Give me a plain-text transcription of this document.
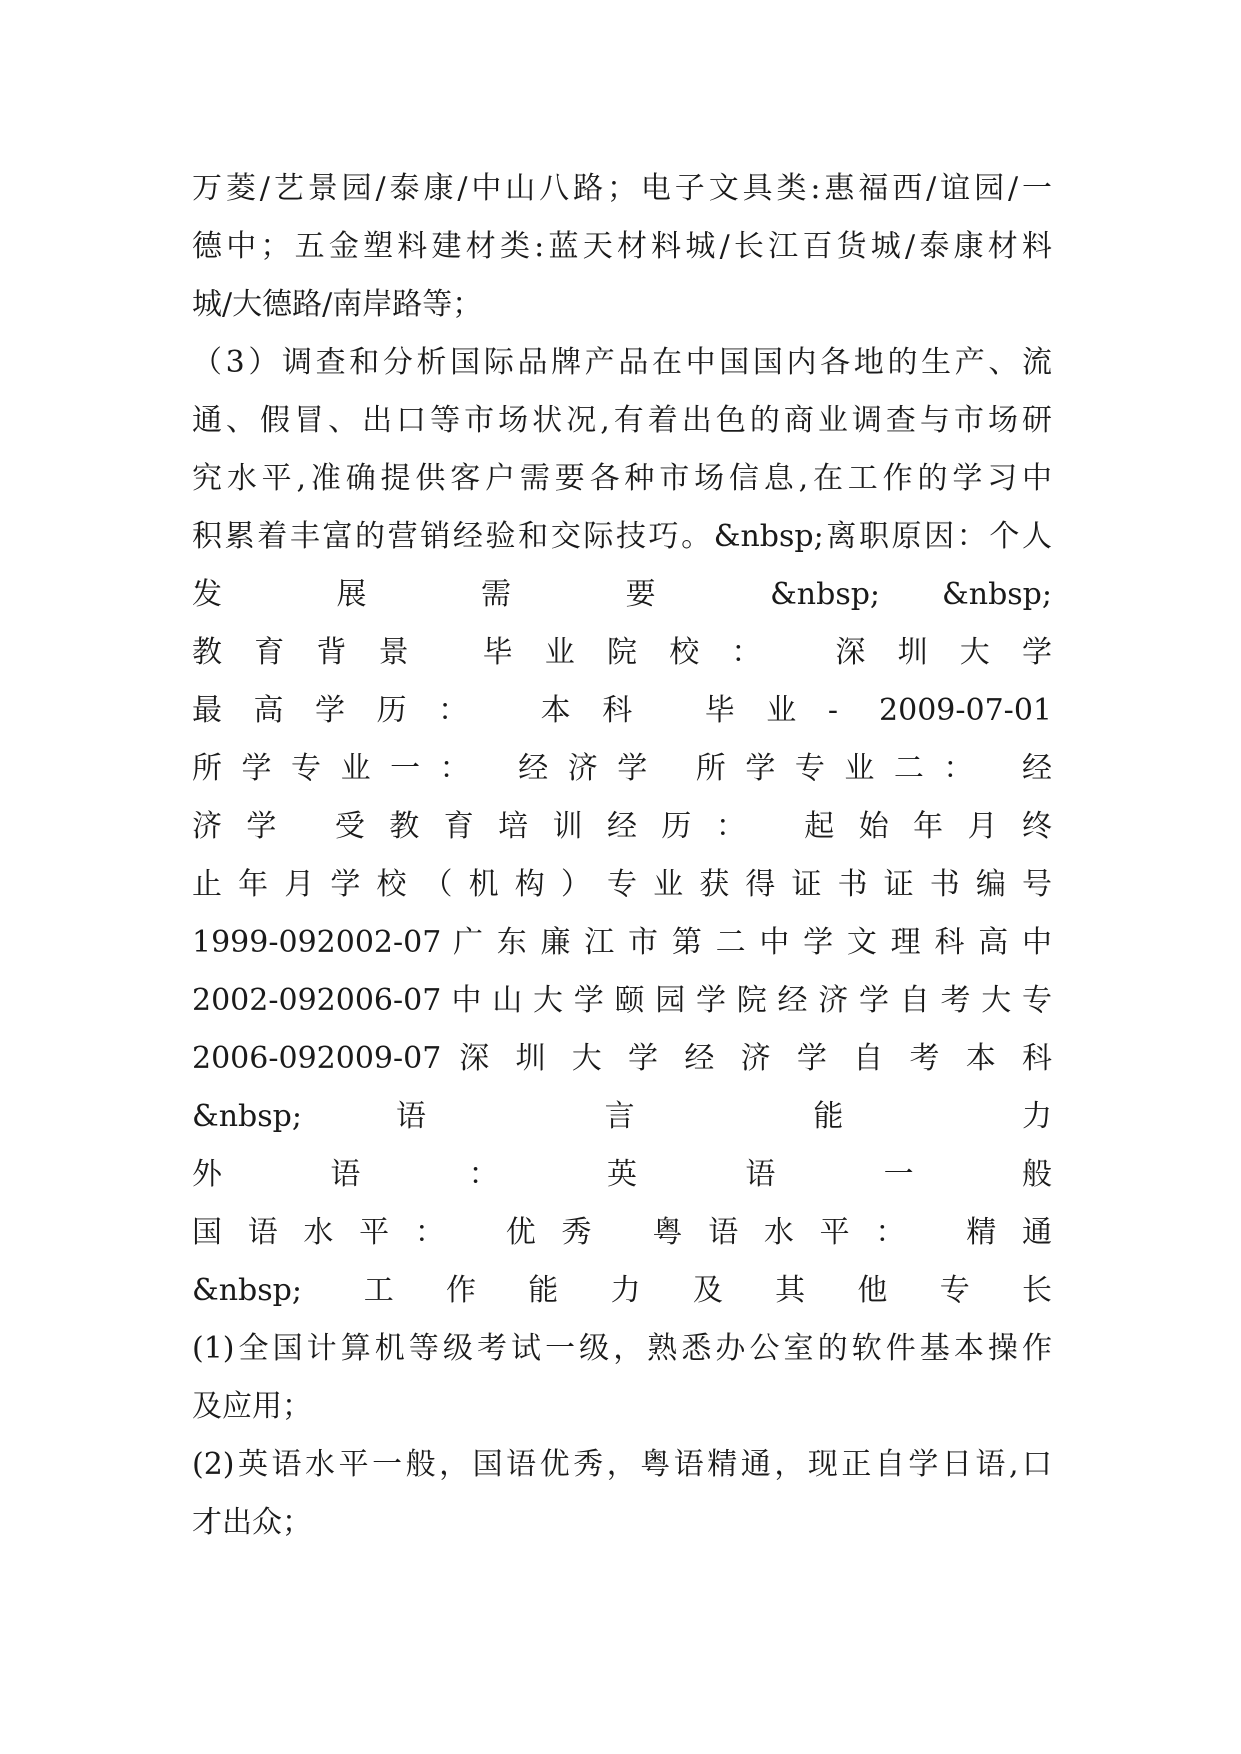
万菱/艺景园/泰康/中山八路；电子文具类:惠福西/谊园/一
德中；五金塑料建材类:蓝天材料城/长江百货城/泰康材料
城/大德路/南岸路等；
（3）调查和分析国际品牌产品在中国国内各地的生产、流
通、假冒、出口等市场状况,有着出色的商业调查与市场研
究水平,准确提供客户需要各种市场信息,在工作的学习中
积累着丰富的营销经验和交际技巧。&nbsp;离职原因：个人
发 展 需 要 &nbsp; &nbsp;
教育背景 毕业院校： 深圳大学
最高学历： 本科 毕业- 2009-07-01
所学专业一： 经济学 所学专业二： 经
济学 受教育培训经历： 起始年月终
止 年 月 学 校 （ 机 构 ） 专 业 获 得 证 书 证 书 编 号
1999-092002-07 广 东 廉 江 市 第 二 中 学 文 理 科 高 中
2002-092006-07 中 山 大 学 颐 园 学 院 经 济 学 自 考 大 专
2006-092009-07 深 圳 大 学 经 济 学 自 考 本 科
&nbsp; 语 言 能 力
外 语 ： 英 语 一 般
国语水平： 优秀 粤语水平： 精通
&nbsp; 工作能力及其他专长
(1)全国计算机等级考试一级，熟悉办公室的软件基本操作
及应用；
(2)英语水平一般，国语优秀，粤语精通，现正自学日语,口
才出众；
